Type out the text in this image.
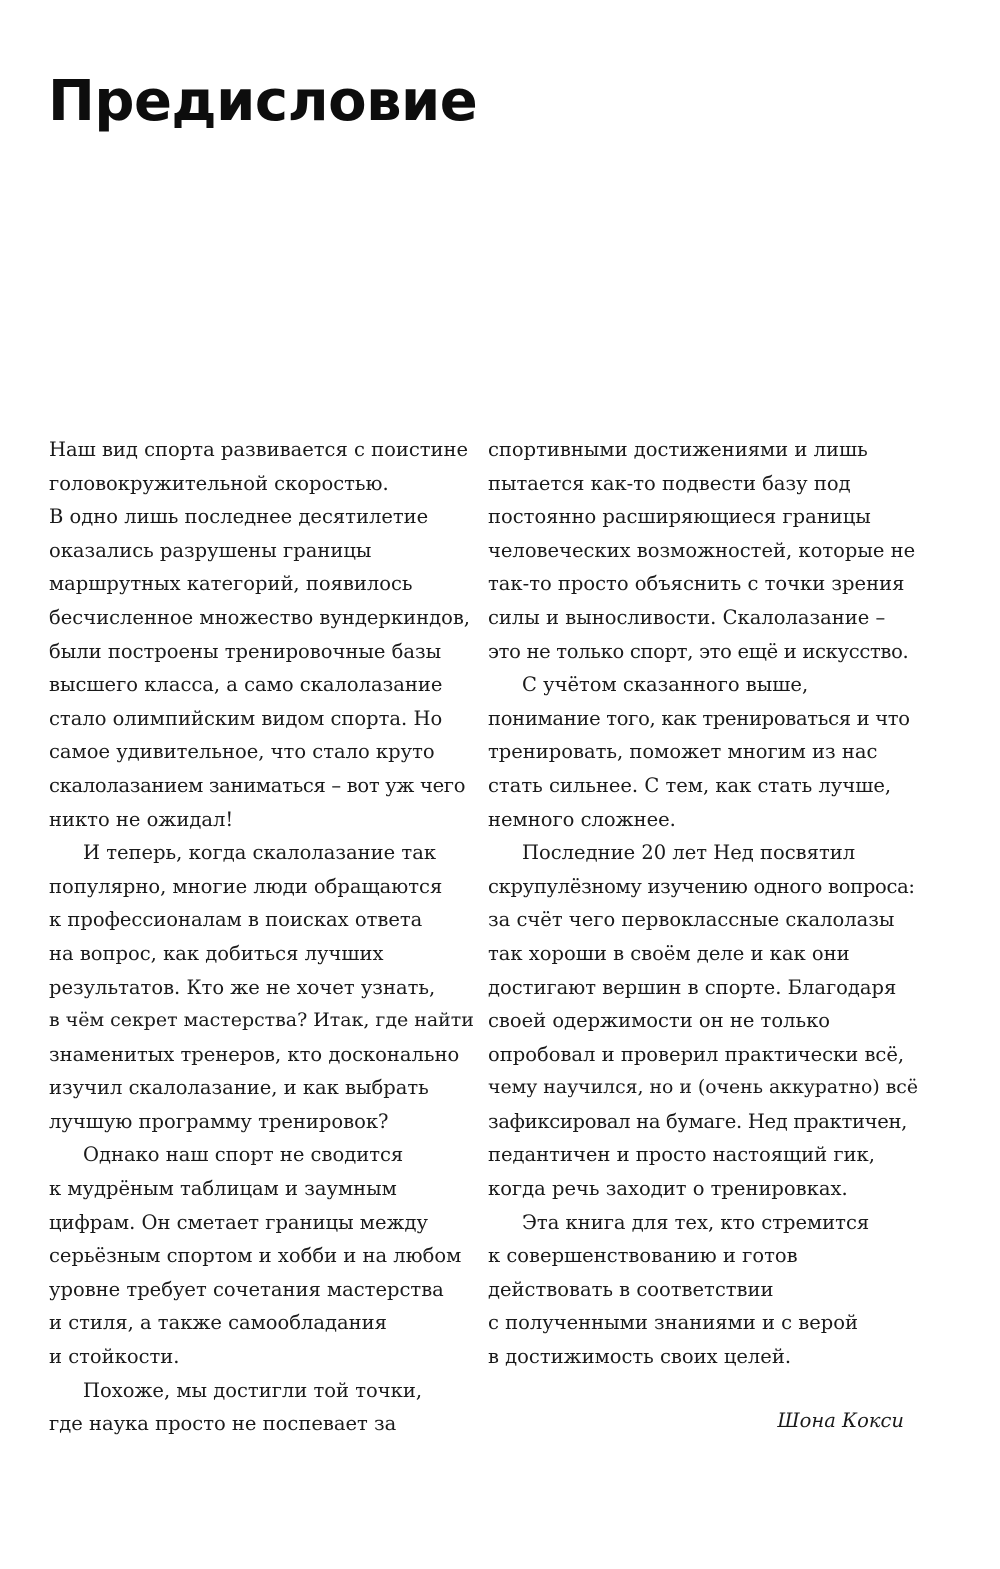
Предисловие
Наш вид спорта развивается с поистине
головокружительной скоростью.
В одно лишь последнее десятилетие
оказались разрушены границы
маршрутных категорий, появилось
бесчисленное множество вундеркиндов,
были построены тренировочные базы
высшего класса, а само скалолазание
стало олимпийским видом спорта. Но
самое удивительное, что стало круто
скалолазанием заниматься – вот уж чего
никто не ожидал!
И теперь, когда скалолазание так
популярно, многие люди обращаются
к профессионалам в поисках ответа
на вопрос, как добиться лучших
результатов. Кто же не хочет узнать,
в чём секрет мастерства? Итак, где найти
знаменитых тренеров, кто досконально
изучил скалолазание, и как выбрать
лучшую программу тренировок?
Однако наш спорт не сводится
к мудрёным таблицам и заумным
цифрам. Он сметает границы между
серьёзным спортом и хобби и на любом
уровне требует сочетания мастерства
и стиля, а также самообладания
и стойкости.
Похоже, мы достигли той точки,
где наука просто не поспевает за
спортивными достижениями и лишь
пытается как-то подвести базу под
постоянно расширяющиеся границы
человеческих возможностей, которые не
так-то просто объяснить с точки зрения
силы и выносливости. Скалолазание –
это не только спорт, это ещё и искусство.
С учётом сказанного выше,
понимание того, как тренироваться и что
тренировать, поможет многим из нас
стать сильнее. С тем, как стать лучше,
немного сложнее.
Последние 20 лет Нед посвятил
скрупулёзному изучению одного вопроса:
за счёт чего первоклассные скалолазы
так хороши в своём деле и как они
достигают вершин в спорте. Благодаря
своей одержимости он не только
опробовал и проверил практически всё,
чему научился, но и (очень аккуратно) всё
зафиксировал на бумаге. Нед практичен,
педантичен и просто настоящий гик,
когда речь заходит о тренировках.
Эта книга для тех, кто стремится
к совершенствованию и готов
действовать в соответствии
с полученными знаниями и с верой
в достижимость своих целей.
Шона Кокси
